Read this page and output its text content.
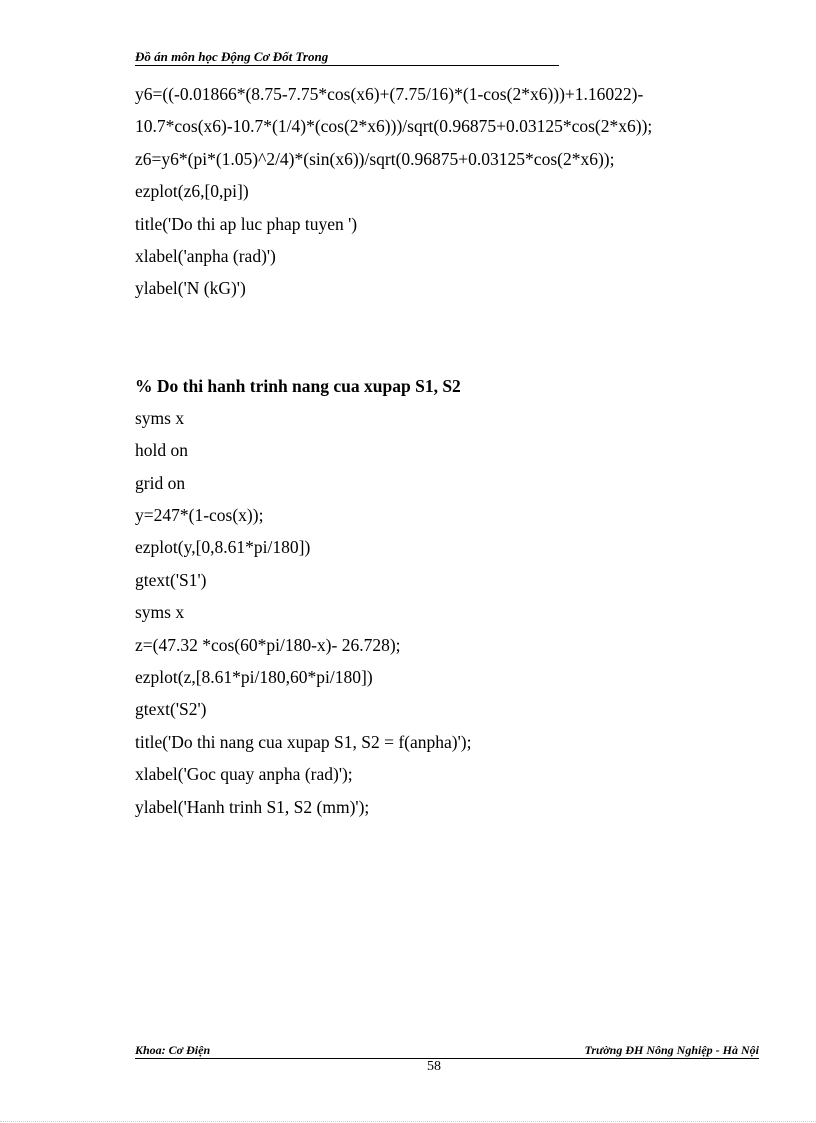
Đồ án môn học Động Cơ Đốt Trong
y6=((-0.01866*(8.75-7.75*cos(x6)+(7.75/16)*(1-cos(2*x6)))+1.16022)-
10.7*cos(x6)-10.7*(1/4)*(cos(2*x6)))/sqrt(0.96875+0.03125*cos(2*x6));
z6=y6*(pi*(1.05)^2/4)*(sin(x6))/sqrt(0.96875+0.03125*cos(2*x6));
ezplot(z6,[0,pi])
title('Do thi ap luc phap tuyen ')
xlabel('anpha (rad)')
ylabel('N (kG)')
% Do thi hanh trinh nang cua xupap S1, S2
syms x
hold on
grid on
y=247*(1-cos(x));
ezplot(y,[0,8.61*pi/180])
gtext('S1')
syms x
z=(47.32 *cos(60*pi/180-x)- 26.728);
ezplot(z,[8.61*pi/180,60*pi/180])
gtext('S2')
title('Do thi nang cua xupap S1, S2 = f(anpha)');
xlabel('Goc quay anpha (rad)');
ylabel('Hanh trinh S1, S2 (mm)');
Khoa: Cơ Điện	Trường ĐH Nông Nghiệp - Hà Nội
58
